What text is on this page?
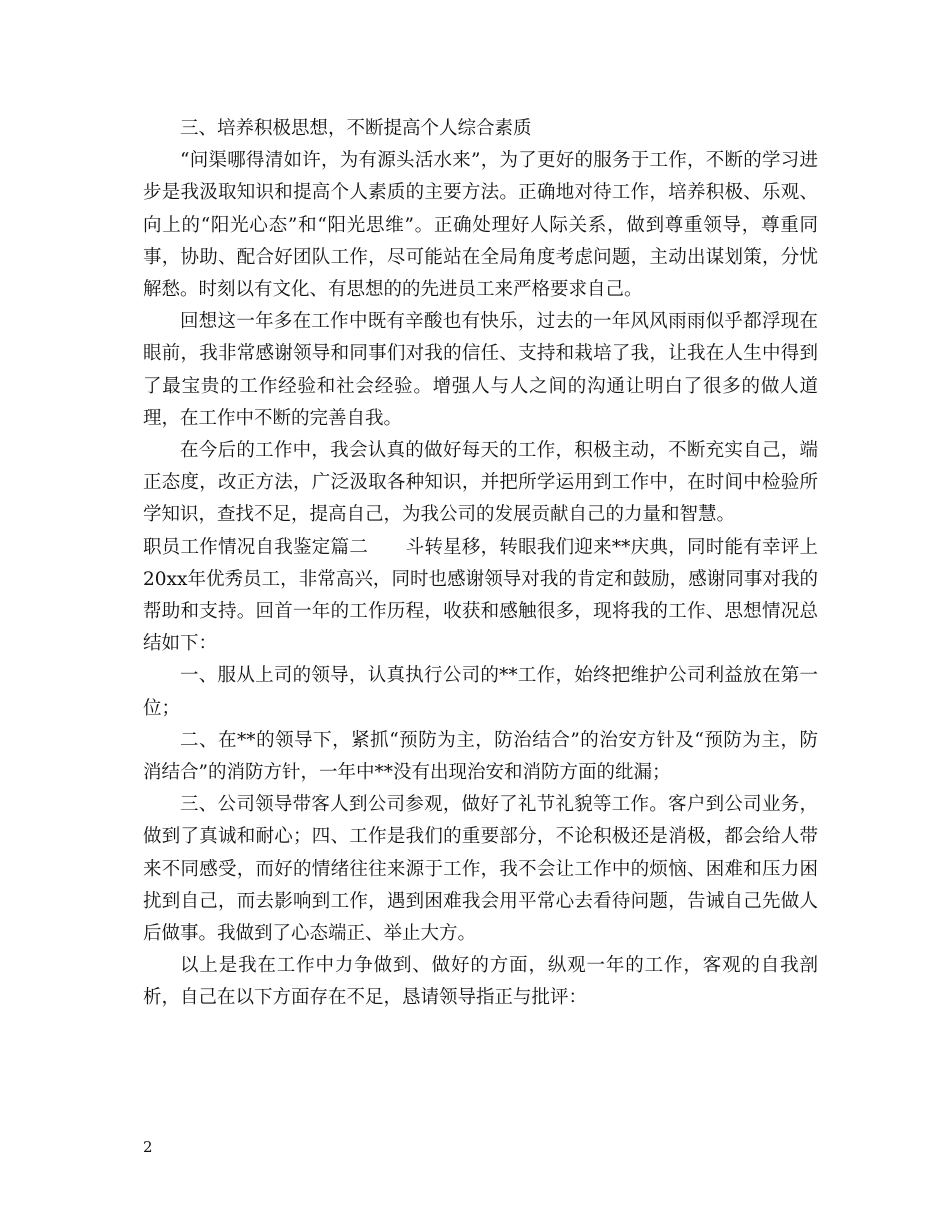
三、培养积极思想，不断提高个人综合素质

“问渠哪得清如许，为有源头活水来”，为了更好的服务于工作，不断的学习进步是我汲取知识和提高个人素质的主要方法。正确地对待工作，培养积极、乐观、向上的“阳光心态”和“阳光思维”。正确处理好人际关系，做到尊重领导，尊重同事，协助、配合好团队工作，尽可能站在全局角度考虑问题，主动出谋划策，分忧解愁。时刻以有文化、有思想的的先进员工来严格要求自己。

回想这一年多在工作中既有辛酸也有快乐，过去的一年风风雨雨似乎都浮现在眼前，我非常感谢领导和同事们对我的信任、支持和栽培了我，让我在人生中得到了最宝贵的工作经验和社会经验。增强人与人之间的沟通让明白了很多的做人道理，在工作中不断的完善自我。

在今后的工作中，我会认真的做好每天的工作，积极主动，不断充实自己，端正态度，改正方法，广泛汲取各种知识，并把所学运用到工作中，在时间中检验所学知识，查找不足，提高自己，为我公司的发展贡献自己的力量和智慧。

职员工作情况自我鉴定篇二　　斗转星移，转眼我们迎来**庆典，同时能有幸评上20xx年优秀员工，非常高兴，同时也感谢领导对我的肯定和鼓励，感谢同事对我的帮助和支持。回首一年的工作历程，收获和感触很多，现将我的工作、思想情况总结如下：

一、服从上司的领导，认真执行公司的**工作，始终把维护公司利益放在第一位；

二、在**的领导下，紧抓“预防为主，防治结合”的治安方针及“预防为主，防消结合”的消防方针，一年中**没有出现治安和消防方面的纰漏；

三、公司领导带客人到公司参观，做好了礼节礼貌等工作。客户到公司业务，做到了真诚和耐心；四、工作是我们的重要部分，不论积极还是消极，都会给人带来不同感受，而好的情绪往往来源于工作，我不会让工作中的烦恼、困难和压力困扰到自己，而去影响到工作，遇到困难我会用平常心去看待问题，告诫自己先做人后做事。我做到了心态端正、举止大方。

以上是我在工作中力争做到、做好的方面，纵观一年的工作，客观的自我剖析，自己在以下方面存在不足，恳请领导指正与批评：

2
